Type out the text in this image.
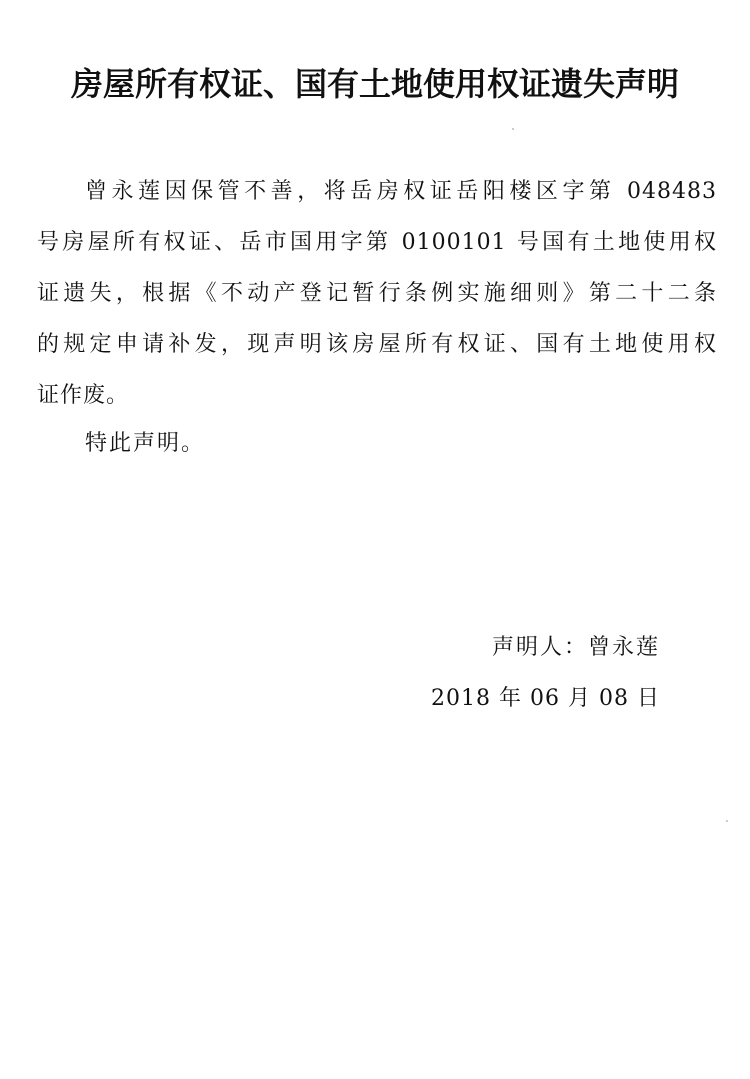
房屋所有权证、国有土地使用权证遗失声明
曾永莲因保管不善，将岳房权证岳阳楼区字第 048483
号房屋所有权证、岳市国用字第 0100101 号国有土地使用权
证遗失，根据《不动产登记暂行条例实施细则》第二十二条
的规定申请补发，现声明该房屋所有权证、国有土地使用权
证作废。
特此声明。
声明人：曾永莲
2018 年 06 月 08 日
